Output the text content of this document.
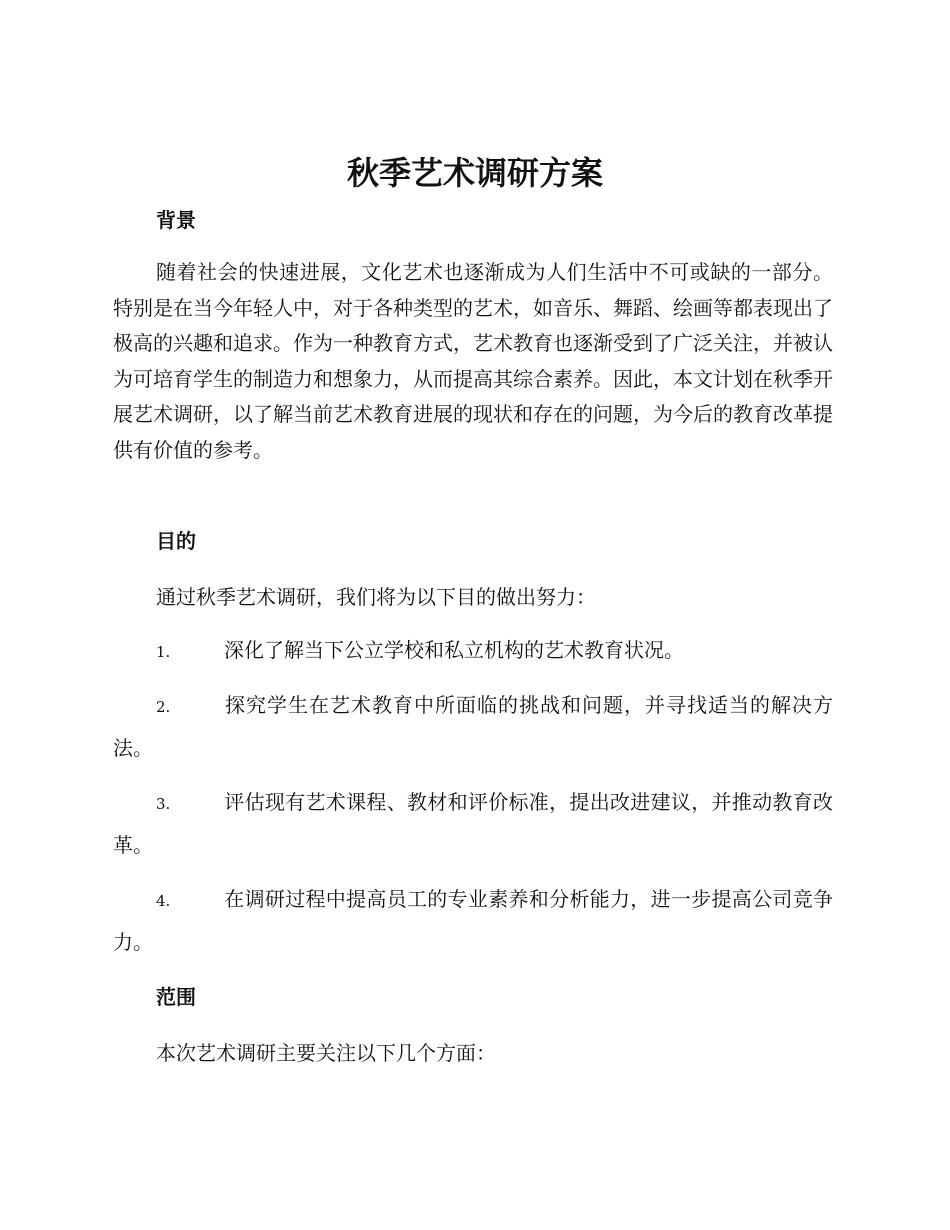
秋季艺术调研方案
背景

随着社会的快速进展，文化艺术也逐渐成为人们生活中不可或缺的一部分。特别是在当今年轻人中，对于各种类型的艺术，如音乐、舞蹈、绘画等都表现出了极高的兴趣和追求。作为一种教育方式，艺术教育也逐渐受到了广泛关注，并被认为可培育学生的制造力和想象力，从而提高其综合素养。因此，本文计划在秋季开展艺术调研，以了解当前艺术教育进展的现状和存在的问题，为今后的教育改革提供有价值的参考。

目的

通过秋季艺术调研，我们将为以下目的做出努力：

1.	深化了解当下公立学校和私立机构的艺术教育状况。

2.	探究学生在艺术教育中所面临的挑战和问题，并寻找适当的解决方法。

3.	评估现有艺术课程、教材和评价标准，提出改进建议，并推动教育改革。

4.	在调研过程中提高员工的专业素养和分析能力，进一步提高公司竞争力。

范围

本次艺术调研主要关注以下几个方面：
